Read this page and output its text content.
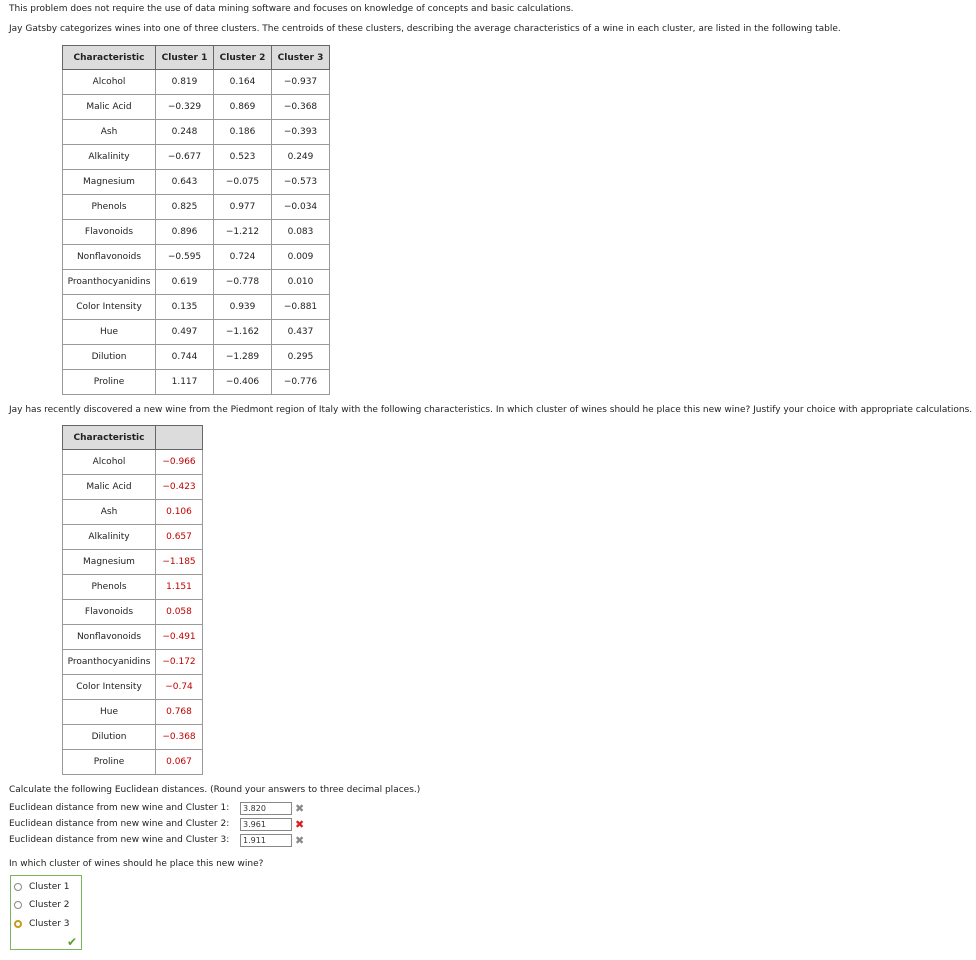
This problem does not require the use of data mining software and focuses on knowledge of concepts and basic calculations.

Jay Gatsby categorizes wines into one of three clusters. The centroids of these clusters, describing the average characteristics of a wine in each cluster, are listed in the following table.

Characteristic	Cluster 1	Cluster 2	Cluster 3
Alcohol	0.819	0.164	−0.937
Malic Acid	−0.329	0.869	−0.368
Ash	0.248	0.186	−0.393
Alkalinity	−0.677	0.523	0.249
Magnesium	0.643	−0.075	−0.573
Phenols	0.825	0.977	−0.034
Flavonoids	0.896	−1.212	0.083
Nonflavonoids	−0.595	0.724	0.009
Proanthocyanidins	0.619	−0.778	0.010
Color Intensity	0.135	0.939	−0.881
Hue	0.497	−1.162	0.437
Dilution	0.744	−1.289	0.295
Proline	1.117	−0.406	−0.776

Jay has recently discovered a new wine from the Piedmont region of Italy with the following characteristics. In which cluster of wines should he place this new wine? Justify your choice with appropriate calculations.

Characteristic	
Alcohol	−0.966
Malic Acid	−0.423
Ash	0.106
Alkalinity	0.657
Magnesium	−1.185
Phenols	1.151
Flavonoids	0.058
Nonflavonoids	−0.491
Proanthocyanidins	−0.172
Color Intensity	−0.74
Hue	0.768
Dilution	−0.368
Proline	0.067

Calculate the following Euclidean distances. (Round your answers to three decimal places.)

Euclidean distance from new wine and Cluster 1:
3.820	✖
Euclidean distance from new wine and Cluster 2:
3.961	✖
Euclidean distance from new wine and Cluster 3:
1.911	✖

In which cluster of wines should he place this new wine?

Cluster 1
Cluster 2
Cluster 3
✔
